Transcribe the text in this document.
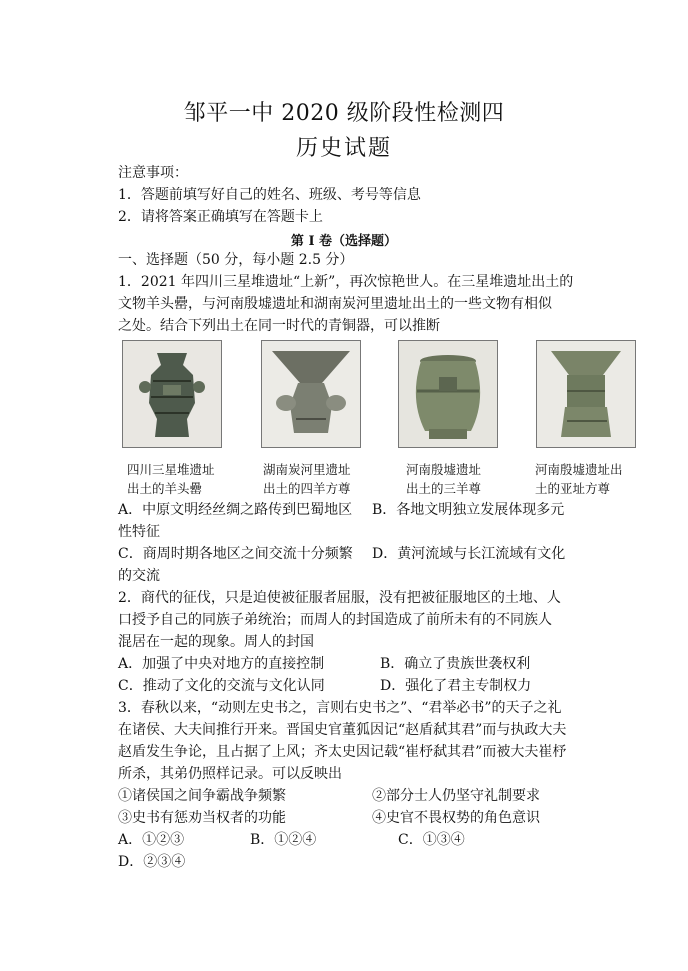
邹平一中 2020 级阶段性检测四
历史试题
注意事项：
1．答题前填写好自己的姓名、班级、考号等信息
2．请将答案正确填写在答题卡上
第 I 卷（选择题）
一、选择题（50 分，每小题 2.5 分）
1．2021 年四川三星堆遗址“上新”，再次惊艳世人。在三星堆遗址出土的
文物羊头罍，与河南殷墟遗址和湖南炭河里遗址出土的一些文物有相似
之处。结合下列出土在同一时代的青铜器，可以推断
四川三星堆遗址
出土的羊头罍
湖南炭河里遗址
出土的四羊方尊
河南殷墟遗址
出土的三羊尊
河南殷墟遗址出
土的亚址方尊
A．中原文明经丝绸之路传到巴蜀地区 B．各地文明独立发展体现多元
性特征
C．商周时期各地区之间交流十分频繁 D．黄河流域与长江流域有文化
的交流
2．商代的征伐，只是迫使被征服者屈服，没有把被征服地区的土地、人
口授予自己的同族子弟统治；而周人的封国造成了前所未有的不同族人
混居在一起的现象。周人的封国
A．加强了中央对地方的直接控制	B．确立了贵族世袭权利
C．推动了文化的交流与文化认同	D．强化了君主专制权力
3．春秋以来，“动则左史书之，言则右史书之”、“君举必书”的天子之礼
在诸侯、大夫间推行开来。晋国史官董狐因记“赵盾弑其君”而与执政大夫
赵盾发生争论，且占据了上风；齐太史因记载“崔杼弑其君”而被大夫崔杼
所杀，其弟仍照样记录。可以反映出
①诸侯国之间争霸战争频繁	②部分士人仍坚守礼制要求
③史书有惩劝当权者的功能	④史官不畏权势的角色意识
A．①②③	B．①②④	C．①③④
D．②③④
